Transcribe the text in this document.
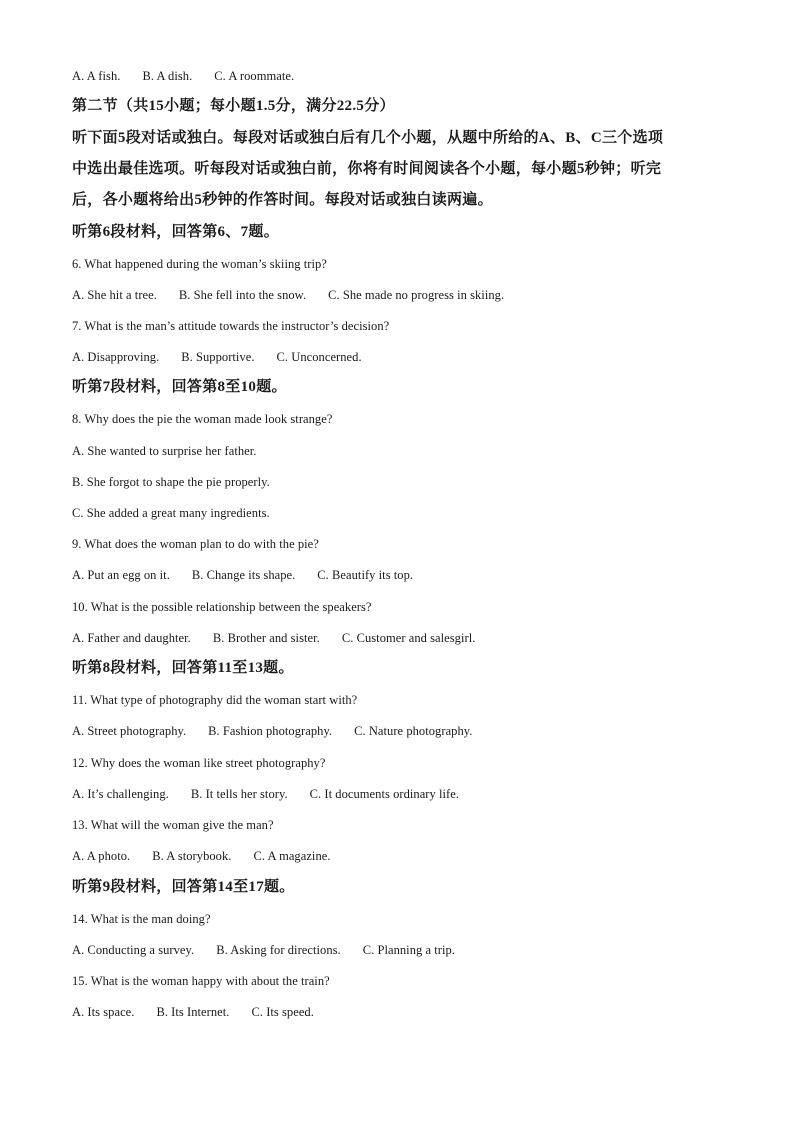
A. A fish. B. A dish. C. A roommate.
第二节（共15小题；每小题1.5分，满分22.5分）
听下面5段对话或独白。每段对话或独白后有几个小题，从题中所给的A、B、C三个选项
中选出最佳选项。听每段对话或独白前，你将有时间阅读各个小题，每小题5秒钟；听完
后，各小题将给出5秒钟的作答时间。每段对话或独白读两遍。
听第6段材料，回答第6、7题。
6. What happened during the woman’s skiing trip?
A. She hit a tree. B. She fell into the snow. C. She made no progress in skiing.
7. What is the man’s attitude towards the instructor’s decision?
A. Disapproving. B. Supportive. C. Unconcerned.
听第7段材料，回答第8至10题。
8. Why does the pie the woman made look strange?
A. She wanted to surprise her father.
B. She forgot to shape the pie properly.
C. She added a great many ingredients.
9. What does the woman plan to do with the pie?
A. Put an egg on it. B. Change its shape. C. Beautify its top.
10. What is the possible relationship between the speakers?
A. Father and daughter. B. Brother and sister. C. Customer and salesgirl.
听第8段材料，回答第11至13题。
11. What type of photography did the woman start with?
A. Street photography. B. Fashion photography. C. Nature photography.
12. Why does the woman like street photography?
A. It’s challenging. B. It tells her story. C. It documents ordinary life.
13. What will the woman give the man?
A. A photo. B. A storybook. C. A magazine.
听第9段材料，回答第14至17题。
14. What is the man doing?
A. Conducting a survey. B. Asking for directions. C. Planning a trip.
15. What is the woman happy with about the train?
A. Its space. B. Its Internet. C. Its speed.
